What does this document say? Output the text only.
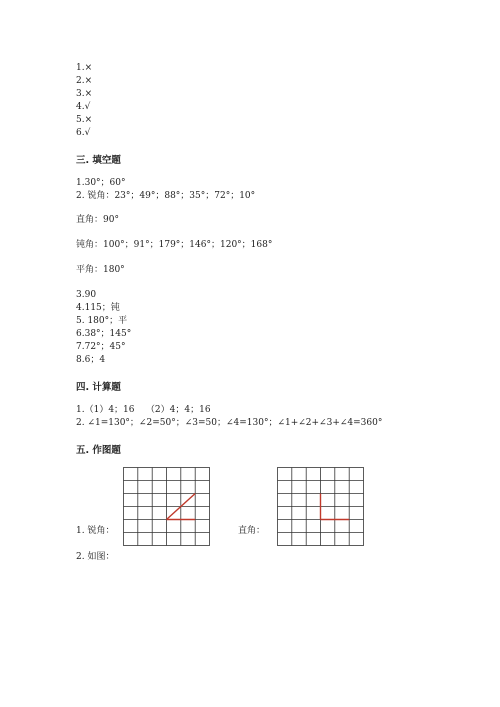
1.×
2.×
3.×
4.√
5.×
6.√
三. 填空题
1.30°；60°
2. 锐角：23°；49°；88°；35°；72°；10°
直角：90°
钝角：100°；91°；179°；146°；120°；168°
平角：180°
3.90
4.115；钝
5. 180°；平
6.38°；145°
7.72°；45°
8.6；4
四. 计算题
1.（1）4；16    （2）4；4；16
2. ∠1=130°；∠2=50°；∠3=50；∠4=130°；∠1+∠2+∠3+∠4=360°
五. 作图题
1. 锐角：	直角：
2. 如图：
